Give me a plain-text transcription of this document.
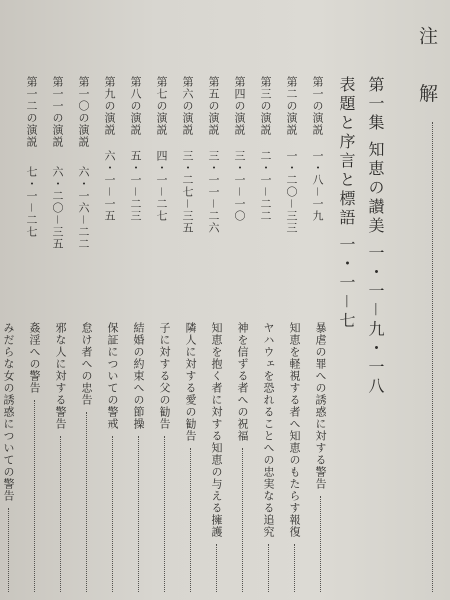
注 解
第一集 知恵の讃美 一・一－九・一八
表題と序言と標語 一・一－七
第一の演説
一・八－一九
第二の演説
一・二〇－三三
第三の演説
二・一－二二
第四の演説
三・一－一〇
第五の演説
三・一一－二六
第六の演説
三・二七－三五
第七の演説
四・一－二七
第八の演説
五・一－二三
第九の演説
六・一－一五
第一〇の演説
六・一六－二二
第一一の演説
六・二〇－三五
第一二の演説
七・一－二七
暴虐の罪への誘惑に対する警告
知恵を軽視する者へ知恵のもたらす報復
ヤハウェを恐れることへの忠実なる追究
神を信ずる者への祝福
知恵を抱く者に対する知恵の与える擁護
隣人に対する愛の勧告
子に対する父の勧告
結婚の約束への節操
保証についての警戒
怠け者への忠告
邪な人に対する警告
姦淫への警告
みだらな女の誘惑についての警告
